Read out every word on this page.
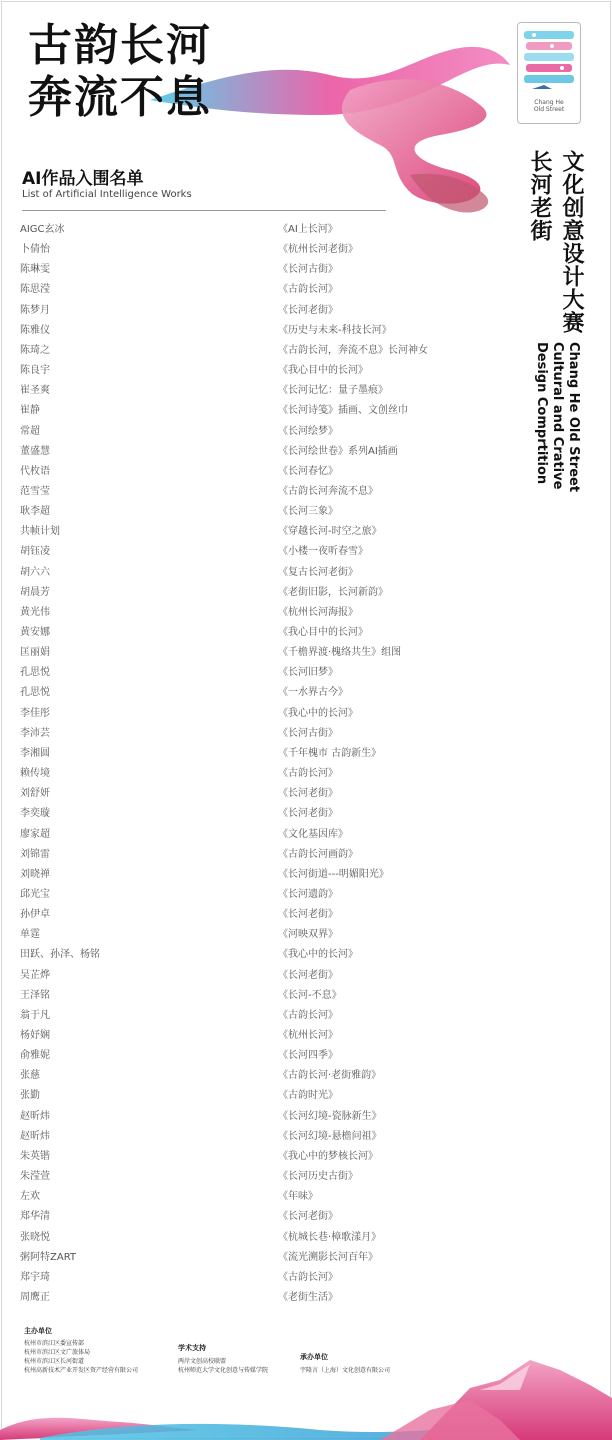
古韵长河
奔流不息	Chang He
Old Street
文化创意设计大赛
长河老街
Chang He Old Street
Cultural and Crative
Design Comprtition
AI作品入围名单
List of Artificial Intelligence Works
AIGC玄冰	《AI上长河》
卜倩怡	《杭州长河老街》
陈琳雯	《长河古街》
陈思滢	《古韵长河》
陈梦月	《长河老街》
陈雅仪	《历史与未来-科技长河》
陈琦之	《古韵长河，奔流不息》长河神女
陈良宇	《我心目中的长河》
崔圣爽	《长河记忆：量子墨痕》
崔静	《长河诗笺》插画、文创丝巾
常超	《长河绘梦》
董盛慧	《长河绘世卷》系列AI插画
代枚语	《长河春忆》
范雪莹	《古韵长河奔流不息》
耿李超	《长河三象》
共帧计划	《穿越长河-时空之旅》
胡钰凌	《小楼一夜听春雪》
胡六六	《复古长河老街》
胡晨芳	《老街旧影，长河新韵》
黄光伟	《杭州长河海报》
黄安娜	《我心目中的长河》
匡丽娟	《千檐界渡·槐络共生》组图
孔思悦	《长河旧梦》
孔思悦	《一水界古今》
李佳彤	《我心中的长河》
李沛芸	《长河古街》
李湘圆	《千年槐市 古韵新生》
赖传境	《古韵长河》
刘舒妍	《长河老街》
李奕璇	《长河老街》
廖家超	《文化基因库》
刘锦雷	《古韵长河画韵》
刘晓禅	《长河街道---明媚阳光》
邱光宝	《长河遗韵》
孙伊卓	《长河老街》
单霆	《河映双界》
田跃、孙泽、杨铭	《我心中的长河》
吴芷烨	《长河老街》
王泽铭	《长河-不息》
翁于凡	《古韵长河》
杨妤娴	《杭州长河》
俞雅妮	《长河四季》
张慈	《古韵长河·老街雅韵》
张勤	《古韵时光》
赵昕炜	《长河幻境-瓷脉新生》
赵昕炜	《长河幻境-悬檐问祖》
朱英锴	《我心中的梦核长河》
朱滢萱	《长河历史古街》
左欢	《年味》
郑华清	《长河老街》
张晓悦	《杭城长巷·樟歌漾月》
粥阿特ZART	《流光溯影长河百年》
郑宇琦	《古韵长河》
周鹰正	《老街生活》
主办单位
杭州市滨江区委宣传部
杭州市滨江区文广旅体局
杭州市滨江区长河街道
杭州高新技术产业开发区资产经营有限公司
学术支持
两岸文创高校联盟
杭州师范大学文化创意与传媒学院
承办单位
宇隆言（上海）文化创意有限公司
